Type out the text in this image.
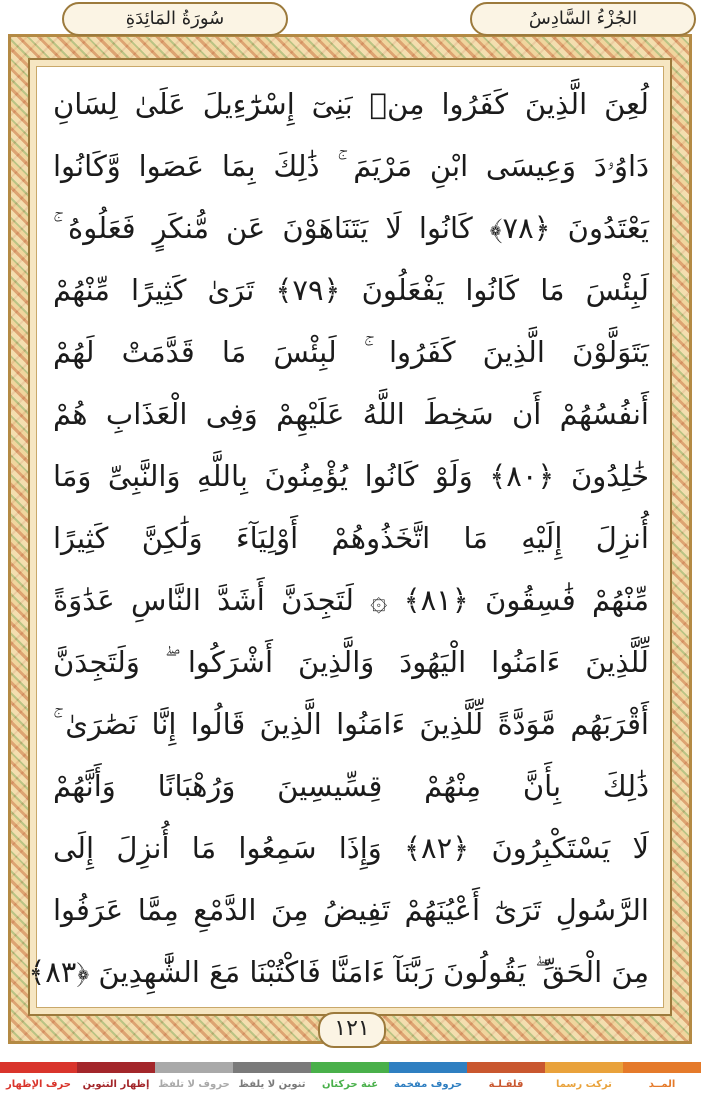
سُورَةُ المَائِدَةِ	الجُزْءُ السَّادِسُ
لُعِنَ الَّذِينَ كَفَرُوا مِنۢ بَنِىٓ إِسْرَٰٓءِيلَ عَلَىٰ لِسَانِ
دَاوُۥدَ وَعِيسَى ابْنِ مَرْيَمَ ۚ ذَٰلِكَ بِمَا عَصَوا وَّكَانُوا
يَعْتَدُونَ ﴿٧٨﴾ كَانُوا لَا يَتَنَاهَوْنَ عَن مُّنكَرٍ فَعَلُوهُ ۚ
لَبِئْسَ مَا كَانُوا يَفْعَلُونَ ﴿٧٩﴾ تَرَىٰ كَثِيرًا مِّنْهُمْ
يَتَوَلَّوْنَ الَّذِينَ كَفَرُوا ۚ لَبِئْسَ مَا قَدَّمَتْ لَهُمْ
أَنفُسُهُمْ أَن سَخِطَ اللَّهُ عَلَيْهِمْ وَفِى الْعَذَابِ هُمْ
خَٰلِدُونَ ﴿٨٠﴾ وَلَوْ كَانُوا يُؤْمِنُونَ بِاللَّهِ وَالنَّبِىِّ وَمَا
أُنزِلَ إِلَيْهِ مَا اتَّخَذُوهُمْ أَوْلِيَآءَ وَلَٰكِنَّ كَثِيرًا
مِّنْهُمْ فَٰسِقُونَ ﴿٨١﴾ ۞ لَتَجِدَنَّ أَشَدَّ النَّاسِ عَدَٰوَةً
لِّلَّذِينَ ءَامَنُوا الْيَهُودَ وَالَّذِينَ أَشْرَكُوا ۖ وَلَتَجِدَنَّ
أَقْرَبَهُم مَّوَدَّةً لِّلَّذِينَ ءَامَنُوا الَّذِينَ قَالُوا إِنَّا نَصَٰرَىٰ ۚ
ذَٰلِكَ بِأَنَّ مِنْهُمْ قِسِّيسِينَ وَرُهْبَانًا وَأَنَّهُمْ
لَا يَسْتَكْبِرُونَ ﴿٨٢﴾ وَإِذَا سَمِعُوا مَا أُنزِلَ إِلَى
الرَّسُولِ تَرَىٰٓ أَعْيُنَهُمْ تَفِيضُ مِنَ الدَّمْعِ مِمَّا عَرَفُوا
مِنَ الْحَقِّ ۖ يَقُولُونَ رَبَّنَآ ءَامَنَّا فَاكْتُبْنَا مَعَ الشَّٰهِدِينَ ﴿٨٣﴾
١٢١
المــد
تركت رسما
قلقـلـة
حروف مفخمة
غنة حركتان
تنوين لا يلفظ
حروف لا تلفظ
إظهار التنوين
حرف الإظهار
